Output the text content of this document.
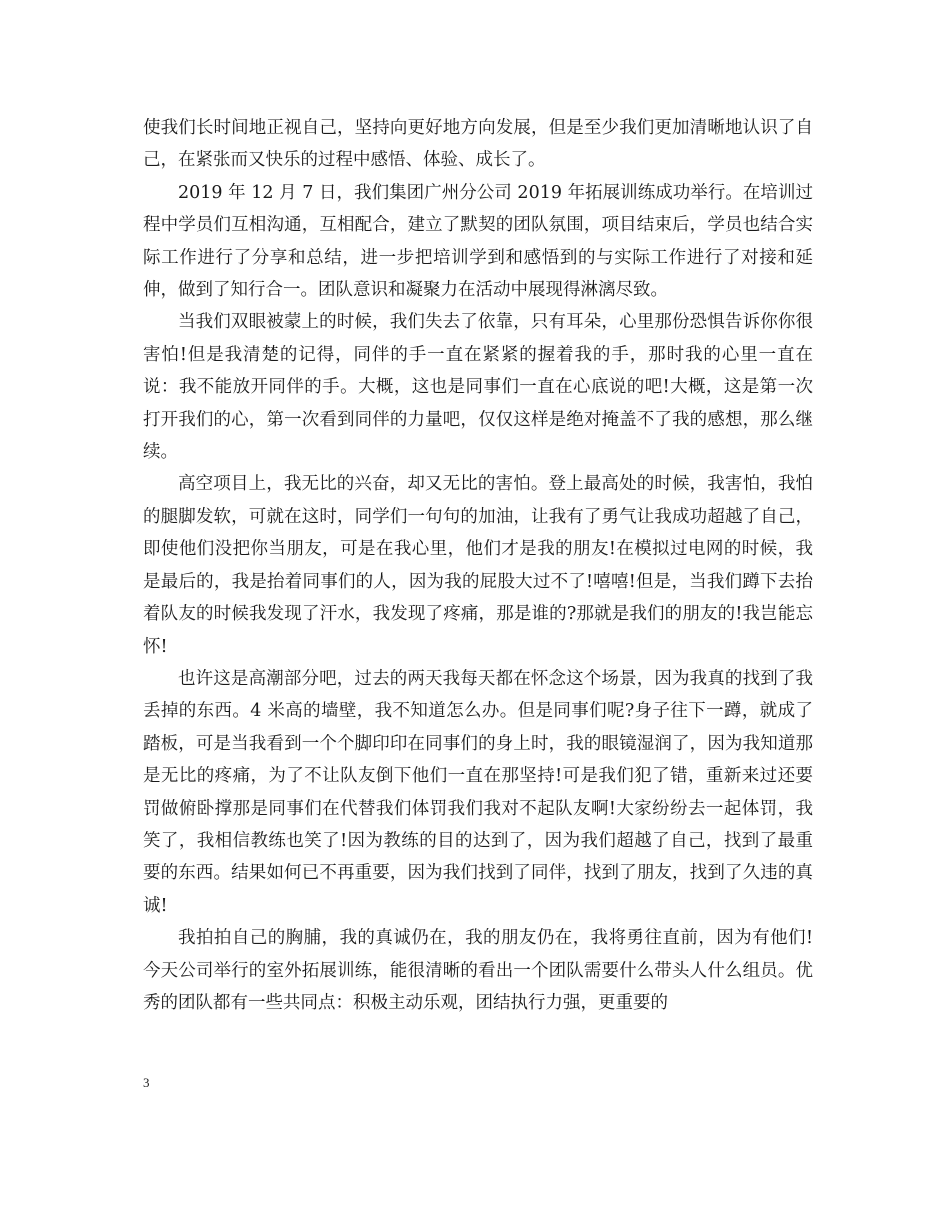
使我们长时间地正视自己，坚持向更好地方向发展，但是至少我们更加清晰地认识了自己，在紧张而又快乐的过程中感悟、体验、成长了。

2019 年 12 月 7 日，我们集团广州分公司 2019 年拓展训练成功举行。在培训过程中学员们互相沟通，互相配合，建立了默契的团队氛围，项目结束后，学员也结合实际工作进行了分享和总结，进一步把培训学到和感悟到的与实际工作进行了对接和延伸，做到了知行合一。团队意识和凝聚力在活动中展现得淋漓尽致。

当我们双眼被蒙上的时候，我们失去了依靠，只有耳朵，心里那份恐惧告诉你你很害怕!但是我清楚的记得，同伴的手一直在紧紧的握着我的手，那时我的心里一直在说：我不能放开同伴的手。大概，这也是同事们一直在心底说的吧!大概，这是第一次打开我们的心，第一次看到同伴的力量吧，仅仅这样是绝对掩盖不了我的感想，那么继续。

高空项目上，我无比的兴奋，却又无比的害怕。登上最高处的时候，我害怕，我怕的腿脚发软，可就在这时，同学们一句句的加油，让我有了勇气让我成功超越了自己，即使他们没把你当朋友，可是在我心里，他们才是我的朋友!在模拟过电网的时候，我是最后的，我是抬着同事们的人，因为我的屁股大过不了!嘻嘻!但是，当我们蹲下去抬着队友的时候我发现了汗水，我发现了疼痛，那是谁的?那就是我们的朋友的!我岂能忘怀!

也许这是高潮部分吧，过去的两天我每天都在怀念这个场景，因为我真的找到了我丢掉的东西。4 米高的墙壁，我不知道怎么办。但是同事们呢?身子往下一蹲，就成了踏板，可是当我看到一个个脚印印在同事们的身上时，我的眼镜湿润了，因为我知道那是无比的疼痛，为了不让队友倒下他们一直在那坚持!可是我们犯了错，重新来过还要罚做俯卧撑那是同事们在代替我们体罚我们我对不起队友啊!大家纷纷去一起体罚，我笑了，我相信教练也笑了!因为教练的目的达到了，因为我们超越了自己，找到了最重要的东西。结果如何已不再重要，因为我们找到了同伴，找到了朋友，找到了久违的真诚!

我拍拍自己的胸脯，我的真诚仍在，我的朋友仍在，我将勇往直前，因为有他们!今天公司举行的室外拓展训练，能很清晰的看出一个团队需要什么带头人什么组员。优秀的团队都有一些共同点：积极主动乐观，团结执行力强，更重要的

3
